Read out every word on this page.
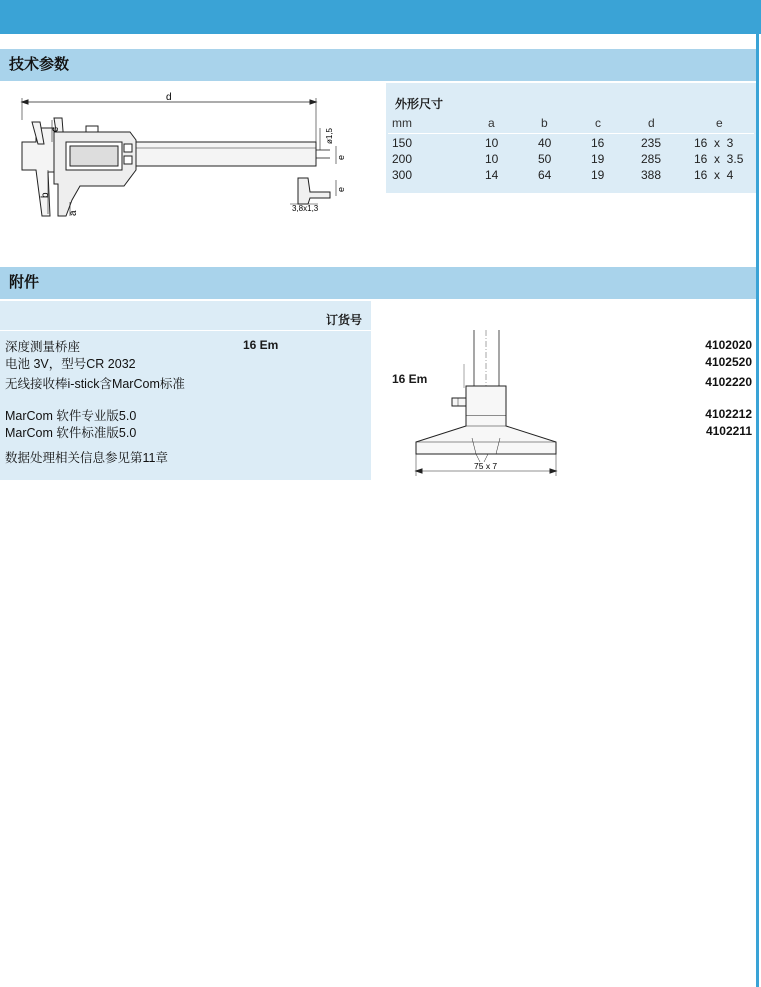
技术参数
d
c
b
a
ø1,5
e
e
3,8x1,3
外形尺寸
mm	a	b	c	d	e
150	10	40	16	235	16  x  3
200	10	50	19	285	16  x  3.5
300	14	64	19	388	16  x  4
附件
订货号
深度测量桥座	16 Em	4102020
电池 3V，型号CR 2032	4102520
无线接收棒i-stick含MarCom标准	4102220
MarCom 软件专业版5.0	4102212
MarCom 软件标准版5.0	4102211
数据处理相关信息参见第11章
16 Em
75 x 7
